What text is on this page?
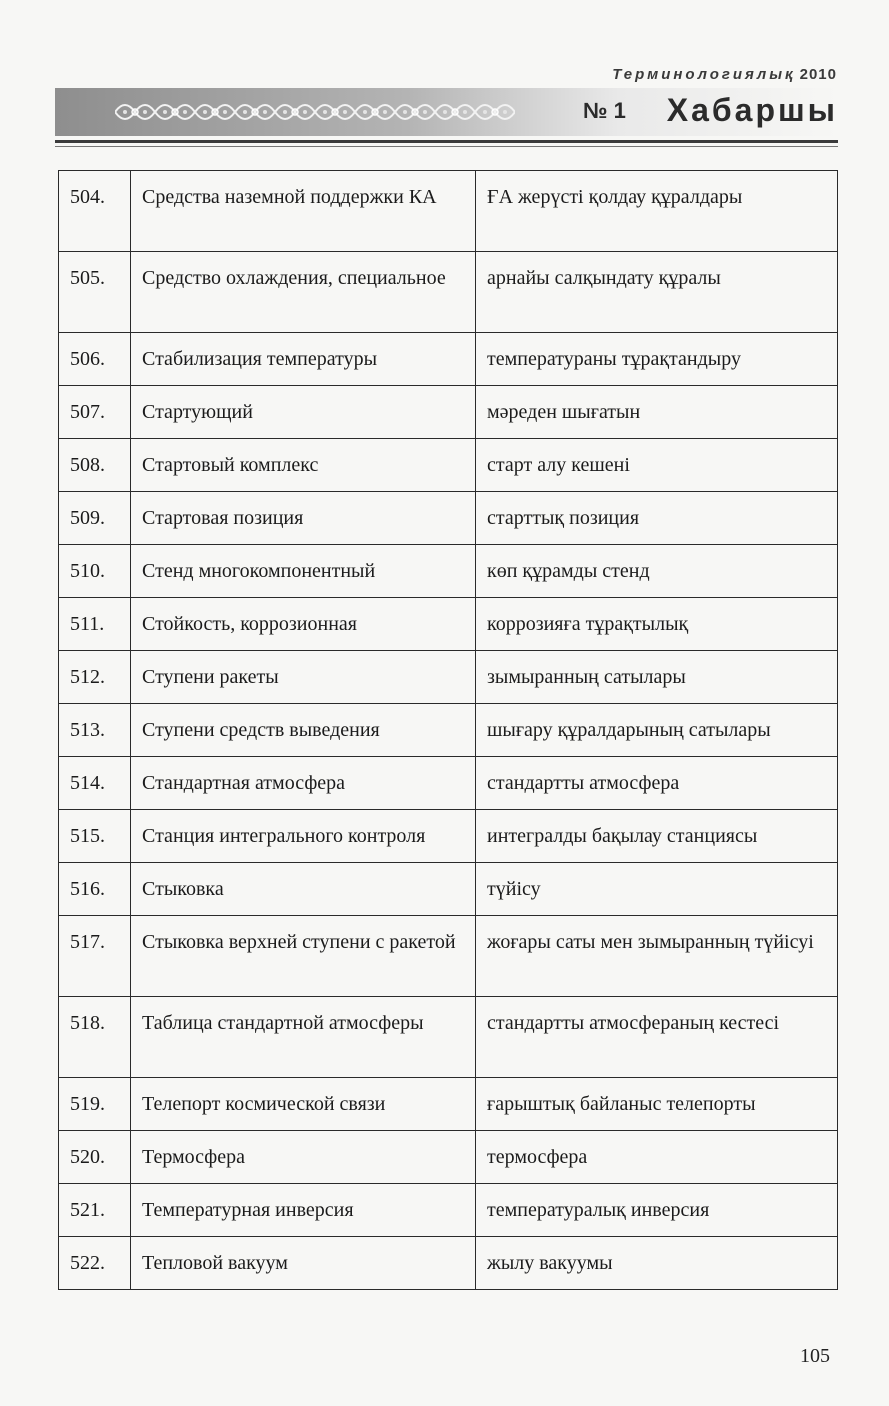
Терминологиялық 2010
№ 1 Хабаршы
504.	Средства наземной поддержки КА	ҒА жерүсті қолдау құралдары
505.	Средство охлаждения, специальное	арнайы салқындату құралы
506.	Стабилизация температуры	температураны тұрақтандыру
507.	Стартующий	мәреден шығатын
508.	Стартовый комплекс	старт алу кешені
509.	Стартовая позиция	старттық позиция
510.	Стенд многокомпонентный	көп құрамды стенд
511.	Стойкость, коррозионная	коррозияға тұрақтылық
512.	Ступени ракеты	зымыранның сатылары
513.	Ступени средств выведения	шығару құралдарының сатылары
514.	Стандартная атмосфера	стандартты атмосфера
515.	Станция интегрального контроля	интегралды бақылау станциясы
516.	Стыковка	түйісу
517.	Стыковка верхней ступени с ракетой	жоғары саты мен зымыранның түйісуі
518.	Таблица стандартной атмосферы	стандартты атмосфераның кестесі
519.	Телепорт космической связи	ғарыштық байланыс телепорты
520.	Термосфера	термосфера
521.	Температурная инверсия	температуралық инверсия
522.	Тепловой вакуум	жылу вакуумы
105
